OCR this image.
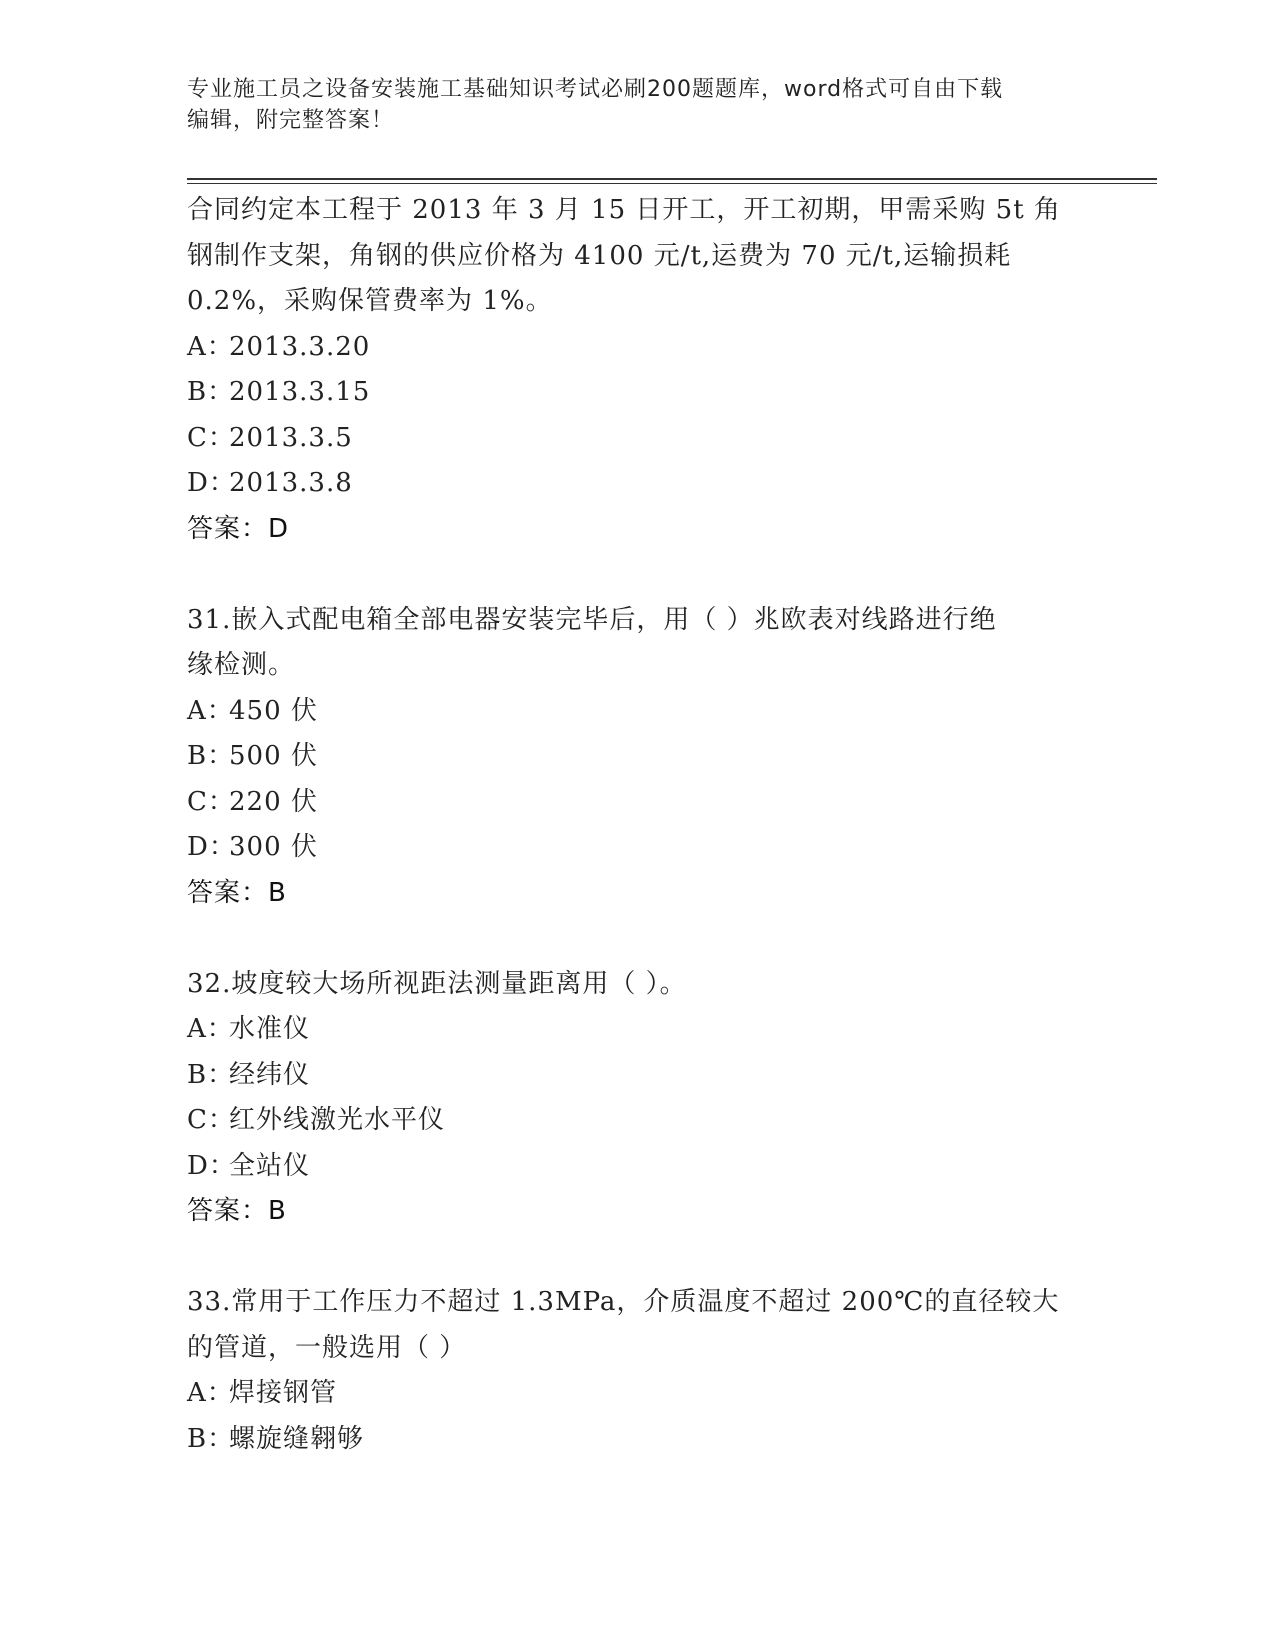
专业施工员之设备安装施工基础知识考试必刷200题题库，word格式可自由下载
编辑，附完整答案！
合同约定本工程于 2013 年 3 月 15 日开工，开工初期，甲需采购 5t 角
钢制作支架，角钢的供应价格为 4100 元/t,运费为 70 元/t,运输损耗
0.2%，采购保管费率为 1%。
A：2013.3.20
B：2013.3.15
C：2013.3.5
D：2013.3.8
答案：D
31.嵌入式配电箱全部电器安装完毕后，用（ ）兆欧表对线路进行绝
缘检测。
A：450 伏
B：500 伏
C：220 伏
D：300 伏
答案：B
32.坡度较大场所视距法测量距离用（ ）。
A：水准仪
B：经纬仪
C：红外线激光水平仪
D：全站仪
答案：B
33.常用于工作压力不超过 1.3MPa，介质温度不超过 200℃的直径较大
的管道，一般选用（ ）
A：焊接钢管
B：螺旋缝翱够
